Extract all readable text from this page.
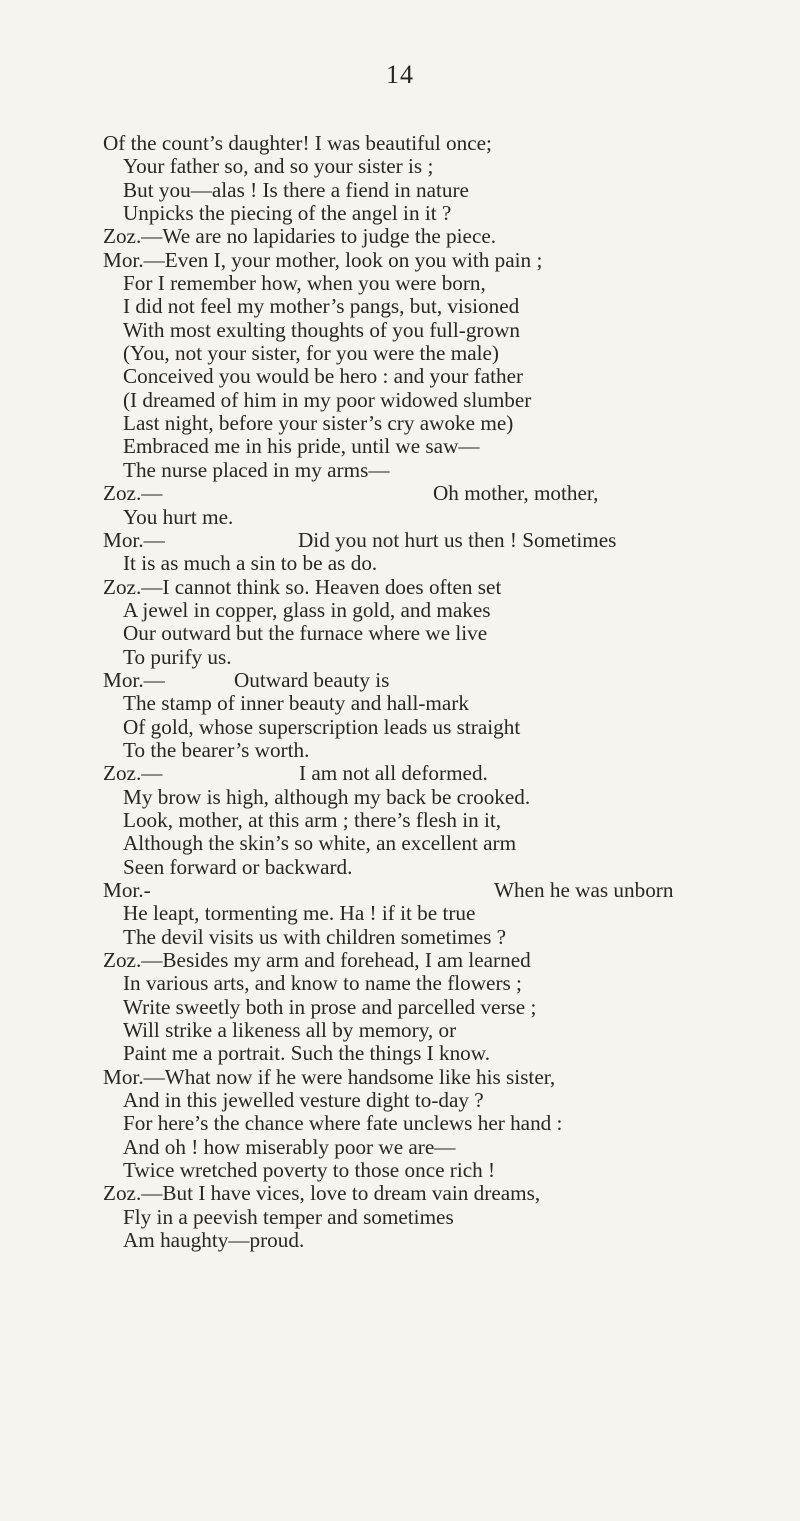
14
Of the count’s daughter! I was beautiful once;
Your father so, and so your sister is ;
But you—alas ! Is there a fiend in nature
Unpicks the piecing of the angel in it ?
Zoz.—We are no lapidaries to judge the piece.
Mor.—Even I, your mother, look on you with pain ;
For I remember how, when you were born,
I did not feel my mother’s pangs, but, visioned
With most exulting thoughts of you full-grown
(You, not your sister, for you were the male)
Conceived you would be hero : and your father
(I dreamed of him in my poor widowed slumber
Last night, before your sister’s cry awoke me)
Embraced me in his pride, until we saw—
The nurse placed in my arms—
Zoz.—	Oh mother, mother,
You hurt me.
Mor.—	Did you not hurt us then ! Sometimes
It is as much a sin to be as do.
Zoz.—I cannot think so. Heaven does often set
A jewel in copper, glass in gold, and makes
Our outward but the furnace where we live
To purify us.
Mor.—	Outward beauty is
The stamp of inner beauty and hall-mark
Of gold, whose superscription leads us straight
To the bearer’s worth.
Zoz.—	I am not all deformed.
My brow is high, although my back be crooked.
Look, mother, at this arm ; there’s flesh in it,
Although the skin’s so white, an excellent arm
Seen forward or backward.
Mor.-	When he was unborn
He leapt, tormenting me. Ha ! if it be true
The devil visits us with children sometimes ?
Zoz.—Besides my arm and forehead, I am learned
In various arts, and know to name the flowers ;
Write sweetly both in prose and parcelled verse ;
Will strike a likeness all by memory, or
Paint me a portrait. Such the things I know.
Mor.—What now if he were handsome like his sister,
And in this jewelled vesture dight to-day ?
For here’s the chance where fate unclews her hand :
And oh ! how miserably poor we are—
Twice wretched poverty to those once rich !
Zoz.—But I have vices, love to dream vain dreams,
Fly in a peevish temper and sometimes
Am haughty—proud.
